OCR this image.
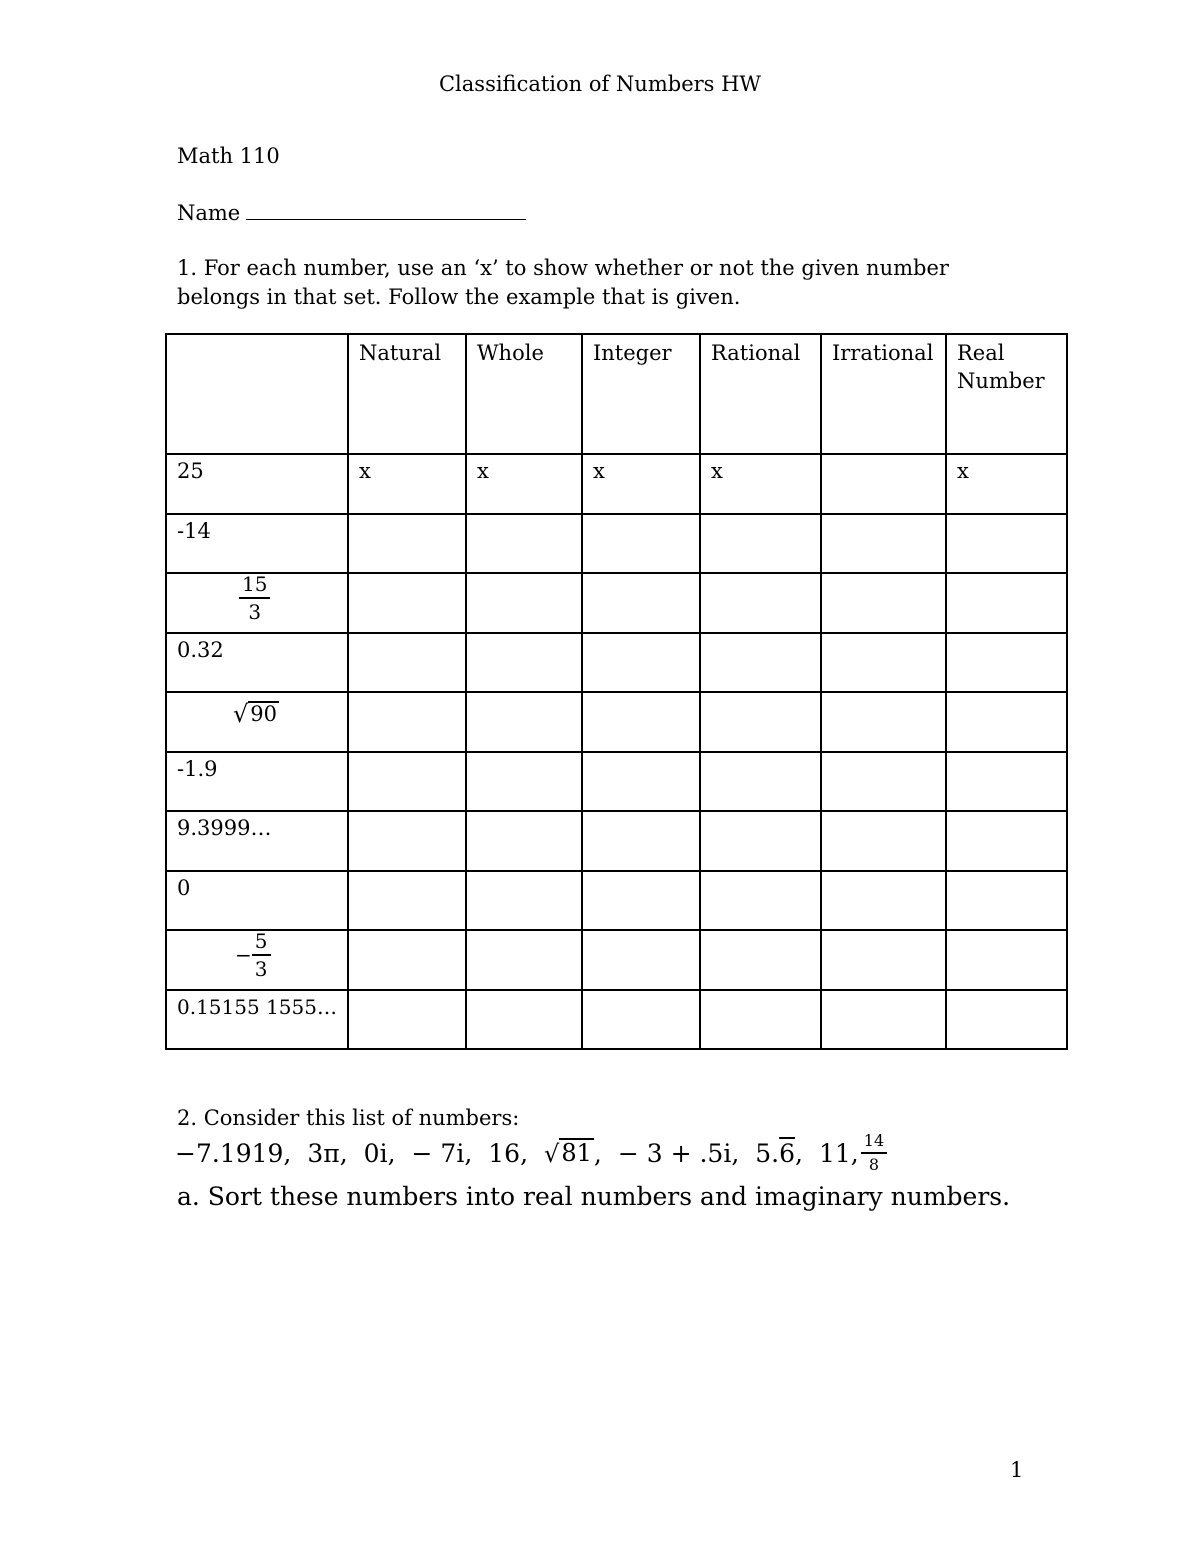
Classification of Numbers HW
Math 110
Name
1. For each number, use an ‘x’ to show whether or not the given number belongs in that set. Follow the example that is given.
	Natural	Whole	Integer	Rational	Irrational	Real Number
25	x	x	x	x		x
-14						

$\frac{15}{3}$

0.32						

√ 90						

-1.9						
9.3999…						
0						
− $\frac{5}{3}$

0.15155 1555…						
2. Consider this list of numbers:
−7.1919, 3π, 0i, − 7i, 16, √ 81 , − 3 + .5i, 5.6, 11, $\frac{14}{8}$
a. Sort these numbers into real numbers and imaginary numbers.
1
